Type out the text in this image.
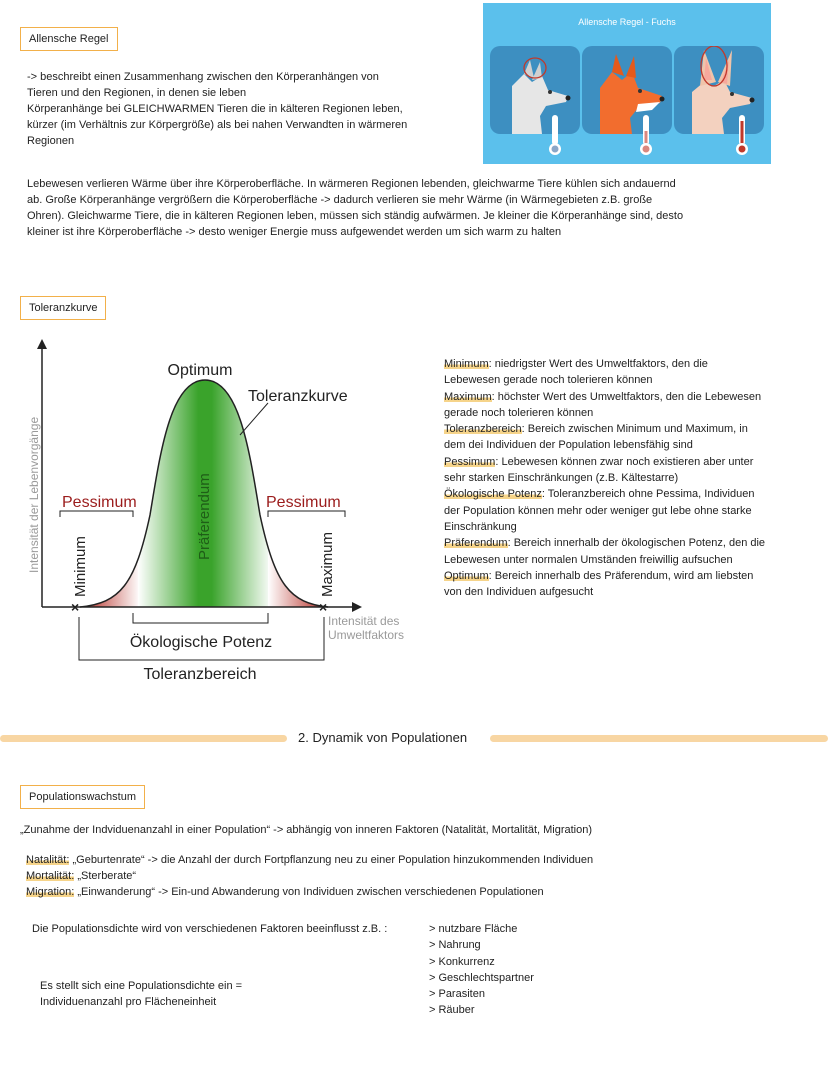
Allensche Regel

-> beschreibt einen Zusammenhang zwischen den Körperanhängen von

Tieren und den Regionen, in denen sie leben

Körperanhänge bei GLEICHWARMEN Tieren die in kälteren Regionen leben,

kürzer (im Verhältnis zur Körpergröße) als bei nahen Verwandten in wärmeren

Regionen

Allensche Regel - Fuchs

Lebewesen verlieren Wärme über ihre Körperoberfläche. In wärmeren Regionen lebenden, gleichwarme Tiere kühlen sich andauernd

ab. Große Körperanhänge vergrößern die Körperoberfläche -> dadurch verlieren sie mehr Wärme (in Wärmegebieten z.B. große

Ohren). Gleichwarme Tiere, die in kälteren Regionen leben, müssen sich ständig aufwärmen. Je kleiner die Körperanhänge sind, desto

kleiner ist ihre Körperoberfläche -> desto weniger Energie muss aufgewendet werden um sich warm zu halten

Toleranzkurve
×	×
Optimum
Toleranzkurve
Pessimum	Pessimum
Präferendum
Minimum	Maximum
Intensität der Lebenvorgänge
Intensität des
Umweltfaktors
Ökologische Potenz
Toleranzbereich

Minimum: niedrigster Wert des Umweltfaktors, den die

Lebewesen gerade noch tolerieren können

Maximum: höchster Wert des Umweltfaktors, den die Lebewesen

gerade noch tolerieren können

Toleranzbereich: Bereich zwischen Minimum und Maximum, in

dem dei Individuen der Population lebensfähig sind

Pessimum: Lebewesen können zwar noch existieren aber unter

sehr starken Einschränkungen (z.B. Kältestarre)

Ökologische Potenz: Toleranzbereich ohne Pessima, Individuen

der Population können mehr oder weniger gut lebe ohne starke

Einschränkung

Präferendum: Bereich innerhalb der ökologischen Potenz, den die

Lebewesen unter normalen Umständen freiwillig aufsuchen

Optimum: Bereich innerhalb des Präferendum, wird am liebsten

von den Individuen aufgesucht

2. Dynamik von Populationen
Populationswachstum
„Zunahme der Indviduenanzahl in einer Population“ -> abhängig von inneren Faktoren (Natalität, Mortalität, Migration)

Natalität: „Geburtenrate“ -> die Anzahl der durch Fortpflanzung neu zu einer Population hinzukommenden Individuen

Mortalität: „Sterberate“

Migration: „Einwanderung“ -> Ein-und Abwanderung von Individuen zwischen verschiedenen Populationen

Die Populationsdichte wird von verschiedenen Faktoren beeinflusst z.B. :

Es stellt sich eine Populationsdichte ein =

Individuenanzahl pro Flächeneinheit

> nutzbare Fläche
> Nahrung
> Konkurrenz
> Geschlechtspartner
> Parasiten
> Räuber
